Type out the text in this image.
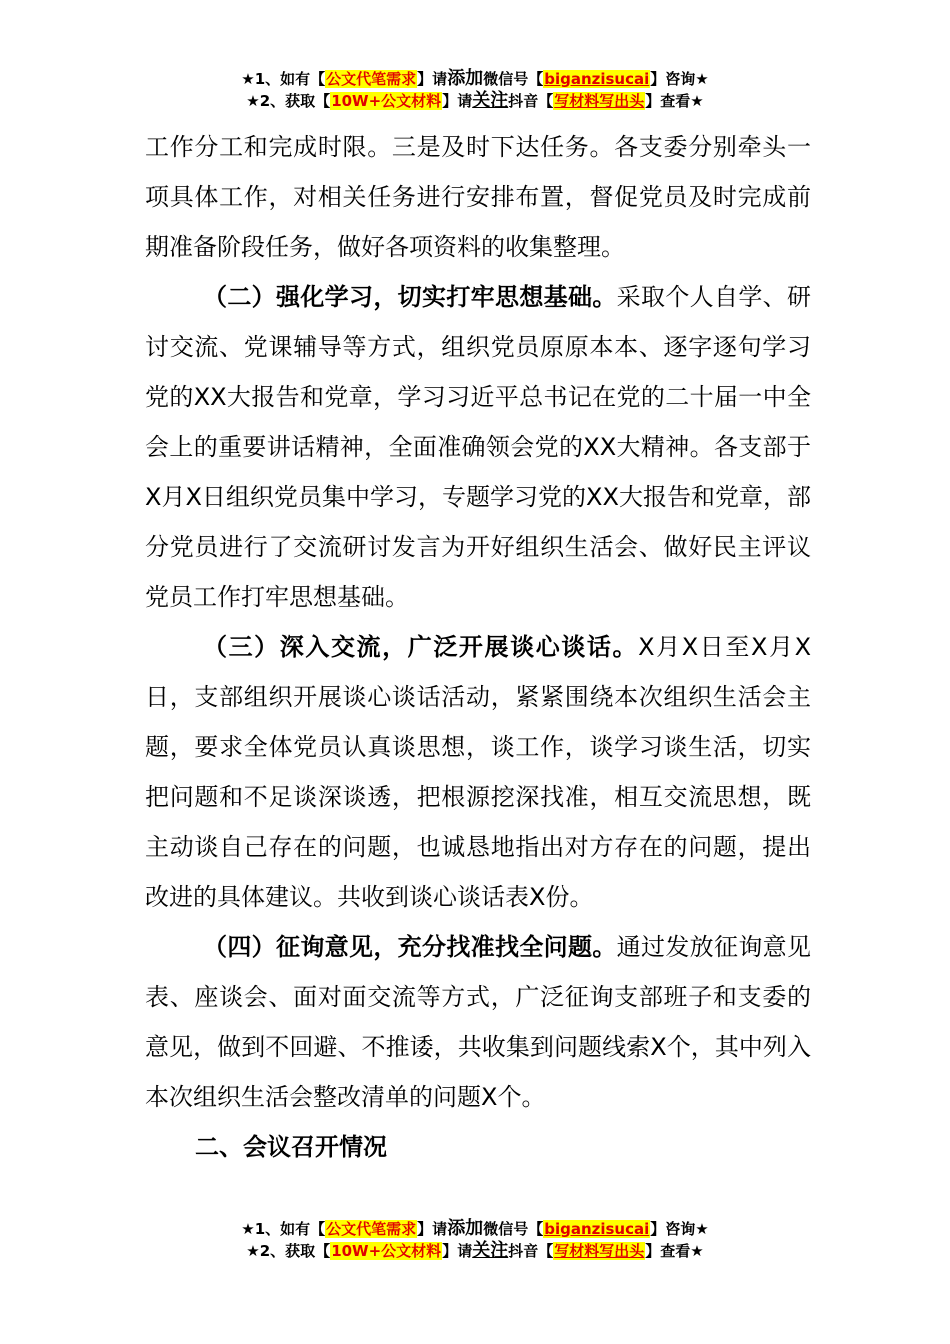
★1、如有【公文代笔需求】请添加微信号【biganzisucai】咨询★
★2、获取【10W+公文材料】请关注抖音【写材料写出头】查看★

工作分工和完成时限。三是及时下达任务。各支委分别牵头一项具体工作，对相关任务进行安排布置，督促党员及时完成前期准备阶段任务，做好各项资料的收集整理。

（二）强化学习，切实打牢思想基础。采取个人自学、研讨交流、党课辅导等方式，组织党员原原本本、逐字逐句学习党的XX大报告和党章，学习习近平总书记在党的二十届一中全会上的重要讲话精神，全面准确领会党的XX大精神。各支部于X月X日组织党员集中学习，专题学习党的XX大报告和党章，部分党员进行了交流研讨发言为开好组织生活会、做好民主评议党员工作打牢思想基础。

（三）深入交流，广泛开展谈心谈话。X月X日至X月X日，支部组织开展谈心谈话活动，紧紧围绕本次组织生活会主题，要求全体党员认真谈思想，谈工作，谈学习谈生活，切实把问题和不足谈深谈透，把根源挖深找准，相互交流思想，既主动谈自己存在的问题，也诚恳地指出对方存在的问题，提出改进的具体建议。共收到谈心谈话表X份。

（四）征询意见，充分找准找全问题。通过发放征询意见表、座谈会、面对面交流等方式，广泛征询支部班子和支委的意见，做到不回避、不推诿，共收集到问题线索X个，其中列入本次组织生活会整改清单的问题X个。

二、会议召开情况

★1、如有【公文代笔需求】请添加微信号【biganzisucai】咨询★
★2、获取【10W+公文材料】请关注抖音【写材料写出头】查看★
